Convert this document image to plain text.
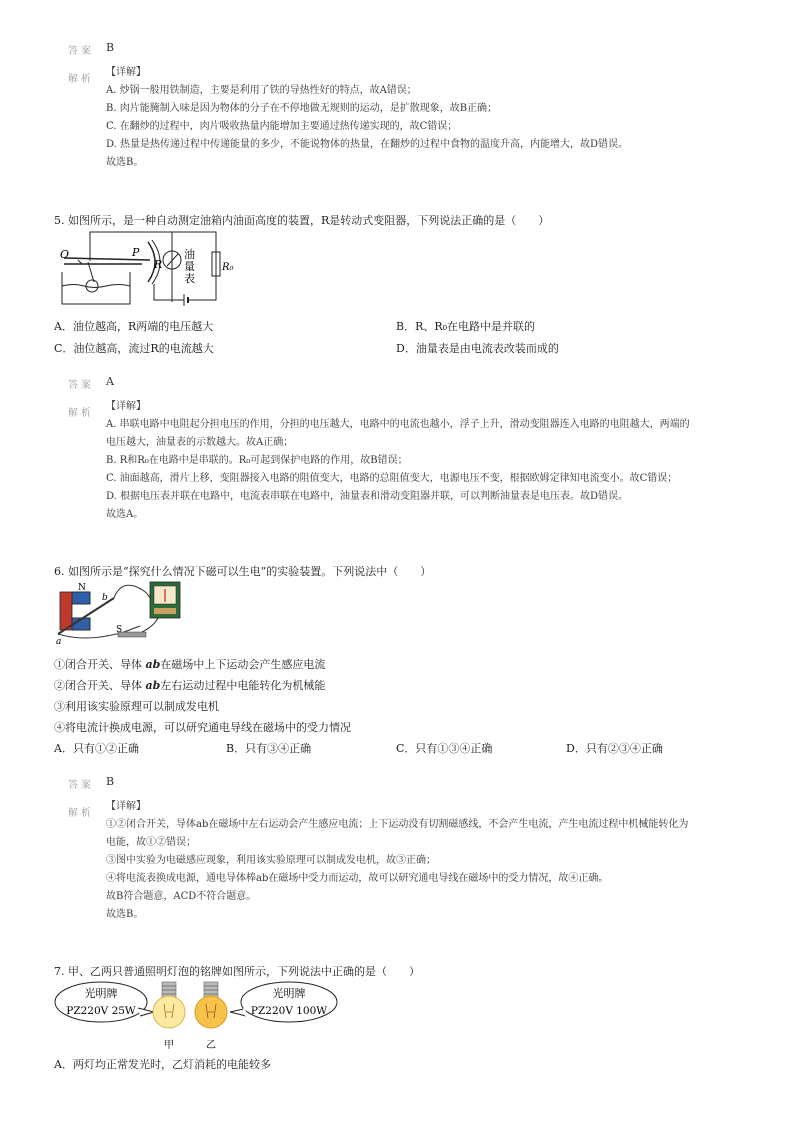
答案 B
解析
【详解】
A. 炒锅一般用铁制造，主要是利用了铁的导热性好的特点，故A错误；
B. 肉片能腌制入味是因为物体的分子在不停地做无规则的运动，是扩散现象，故B正确；
C. 在翻炒的过程中，肉片吸收热量内能增加主要通过热传递实现的，故C错误；
D. 热量是热传递过程中传递能量的多少，不能说物体的热量，在翻炒的过程中食物的温度升高，内能增大，故D错误。
故选B。
5. 如图所示，是一种自动测定油箱内油面高度的装置，R是转动式变阻器，下列说法正确的是（　　）
O	P
R
油
量
表
R₀
A．油位越高，R两端的电压越大	B．R、R₀在电路中是并联的
C．油位越高，流过R的电流越大	D．油量表是由电流表改装而成的
答案 A
解析
【详解】
A. 串联电路中电阻起分担电压的作用，分担的电压越大，电路中的电流也越小，浮子上升，滑动变阻器连入电路的电阻越大，两端的
电压越大，油量表的示数越大。故A正确；
B. R和R₀在电路中是串联的。R₀可起到保护电路的作用，故B错误；
C. 油面越高，滑片上移，变阻器接入电路的阻值变大，电路的总阻值变大，电源电压不变，根据欧姆定律知电流变小。故C错误；
D. 根据电压表并联在电路中，电流表串联在电路中，油量表和滑动变阻器并联，可以判断油量表是电压表。故D错误。
故选A。
6. 如图所示是“探究什么情况下磁可以生电”的实验装置。下列说法中（　　）
N
b
S
a
①闭合开关、导体 ab在磁场中上下运动会产生感应电流
②闭合开关、导体 ab左右运动过程中电能转化为机械能
③利用该实验原理可以制成发电机
④将电流计换成电源，可以研究通电导线在磁场中的受力情况
A．只有①②正确	B．只有③④正确	C．只有①③④正确	D．只有②③④正确
答案 B
解析
【详解】
①②闭合开关，导体ab在磁场中左右运动会产生感应电流；上下运动没有切割磁感线，不会产生电流，产生电流过程中机械能转化为
电能，故①②错误；
③图中实验为电磁感应现象，利用该实验原理可以制成发电机，故③正确；
④将电流表换成电源，通电导体棒ab在磁场中受力而运动，故可以研究通电导线在磁场中的受力情况，故④正确。
故B符合题意，ACD不符合题意。
故选B。
7. 甲、乙两只普通照明灯泡的铭牌如图所示，下列说法中正确的是（　　）
光明牌
PZ220V 25W
甲	乙
光明牌
PZ220V 100W
A．两灯均正常发光时，乙灯消耗的电能较多
